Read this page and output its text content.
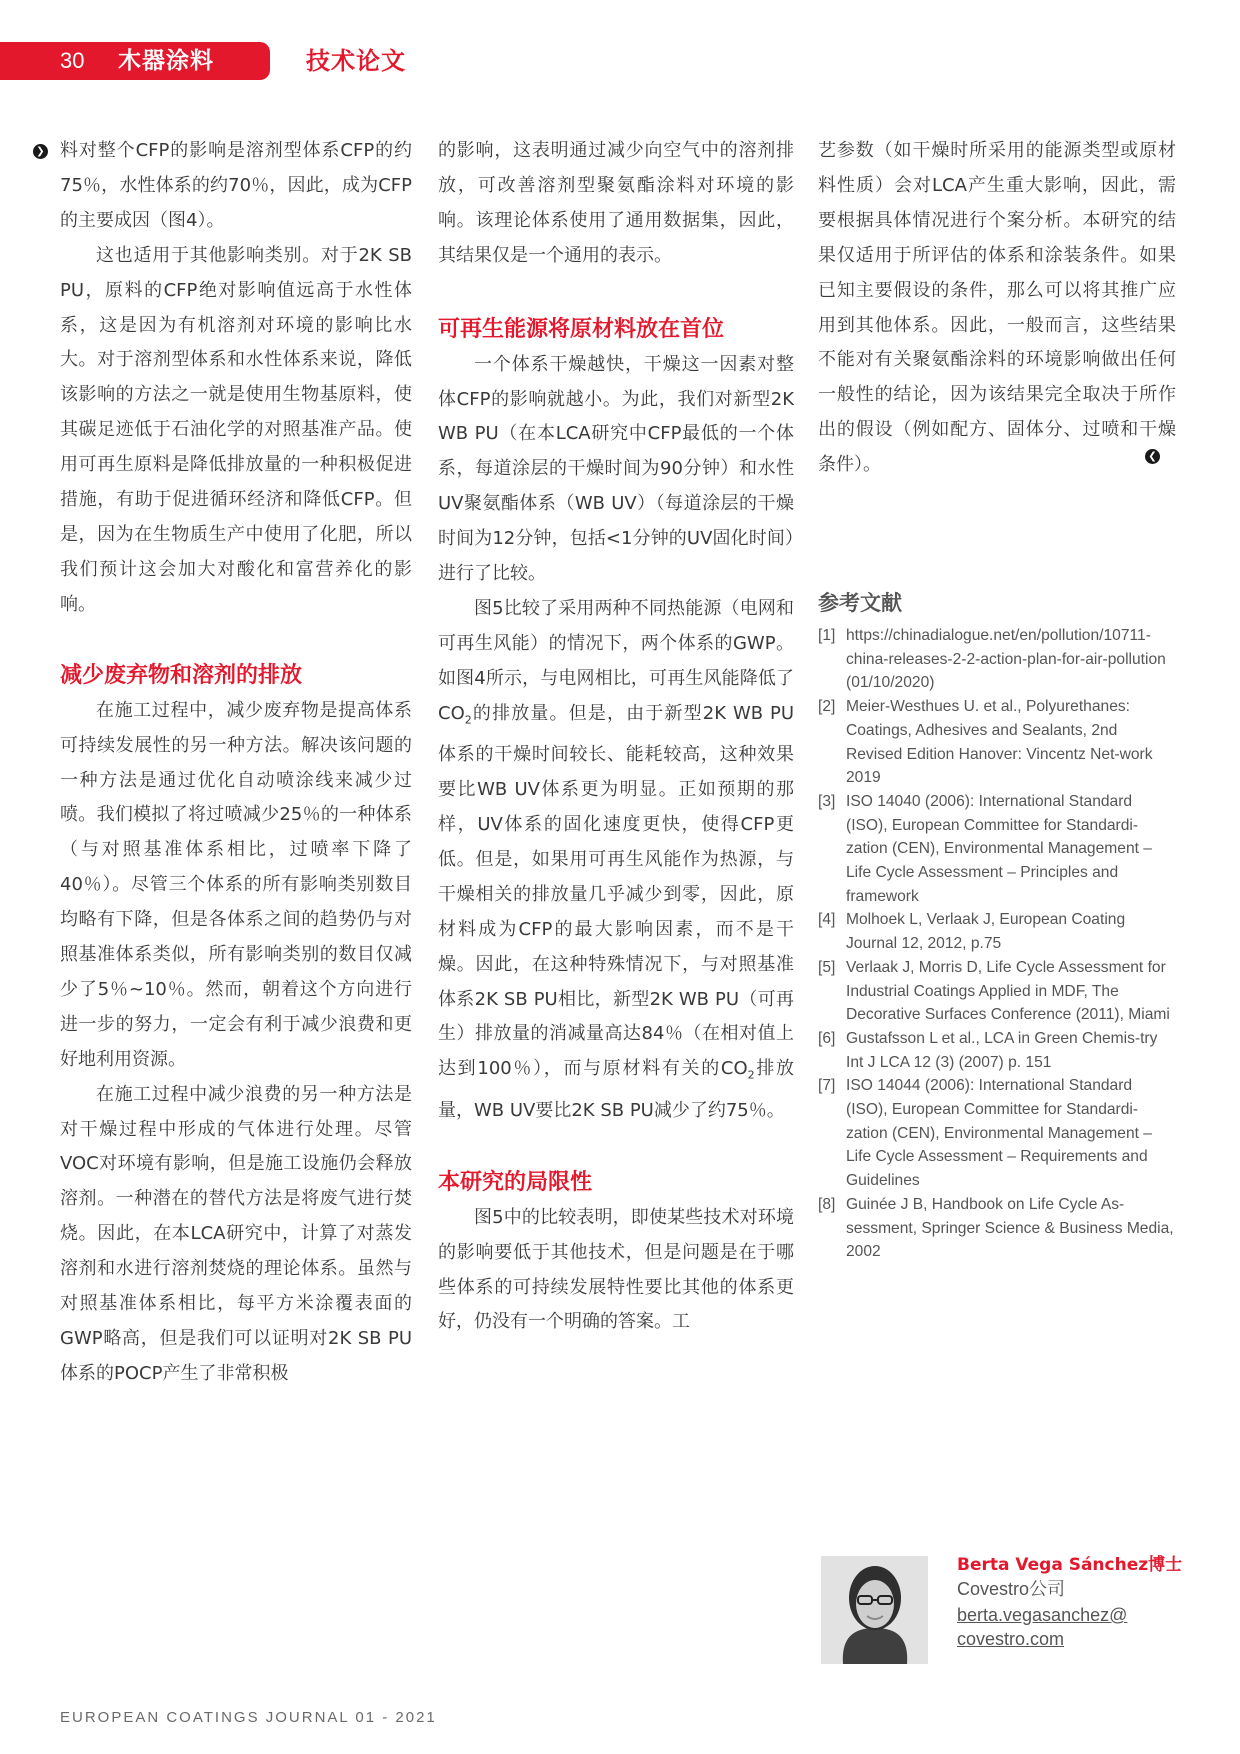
30 木器涂料	技术论文
❯ 料对整个CFP的影响是溶剂型体系CFP的约75％，水性体系的约70％，因此，成为CFP的主要成因（图4）。

这也适用于其他影响类别。对于2K SB PU，原料的CFP绝对影响值远高于水性体系，这是因为有机溶剂对环境的影响比水大。对于溶剂型体系和水性体系来说，降低该影响的方法之一就是使用生物基原料，使其碳足迹低于石油化学的对照基准产品。使用可再生原料是降低排放量的一种积极促进措施，有助于促进循环经济和降低CFP。但是，因为在生物质生产中使用了化肥，所以我们预计这会加大对酸化和富营养化的影响。

减少废弃物和溶剂的排放

在施工过程中，减少废弃物是提高体系可持续发展性的另一种方法。解决该问题的一种方法是通过优化自动喷涂线来减少过喷。我们模拟了将过喷减少25％的一种体系（与对照基准体系相比，过喷率下降了40％）。尽管三个体系的所有影响类别数目均略有下降，但是各体系之间的趋势仍与对照基准体系类似，所有影响类别的数目仅减少了5％~10％。然而，朝着这个方向进行进一步的努力，一定会有利于减少浪费和更好地利用资源。

在施工过程中减少浪费的另一种方法是对干燥过程中形成的气体进行处理。尽管VOC对环境有影响，但是施工设施仍会释放溶剂。一种潜在的替代方法是将废气进行焚烧。因此，在本LCA研究中，计算了对蒸发溶剂和水进行溶剂焚烧的理论体系。虽然与对照基准体系相比，每平方米涂覆表面的GWP略高，但是我们可以证明对2K SB PU体系的POCP产生了非常积极

的影响，这表明通过减少向空气中的溶剂排放，可改善溶剂型聚氨酯涂料对环境的影响。该理论体系使用了通用数据集，因此，其结果仅是一个通用的表示。

可再生能源将原材料放在首位

一个体系干燥越快，干燥这一因素对整体CFP的影响就越小。为此，我们对新型2K WB PU（在本LCA研究中CFP最低的一个体系，每道涂层的干燥时间为90分钟）和水性UV聚氨酯体系（WB UV）（每道涂层的干燥时间为12分钟，包括<1分钟的UV固化时间）进行了比较。

图5比较了采用两种不同热能源（电网和可再生风能）的情况下，两个体系的GWP。如图4所示，与电网相比，可再生风能降低了$CO_2$的排放量。但是，由于新型2K WB PU体系的干燥时间较长、能耗较高，这种效果要比WB UV体系更为明显。正如预期的那样，UV体系的固化速度更快，使得CFP更低。但是，如果用可再生风能作为热源，与干燥相关的排放量几乎减少到零，因此，原材料成为CFP的最大影响因素，而不是干燥。因此，在这种特殊情况下，与对照基准体系2K SB PU相比，新型2K WB PU（可再生）排放量的消减量高达84％（在相对值上达到100％），而与原材料有关的$CO_2$排放量，WB UV要比2K SB PU减少了约75％。

本研究的局限性

图5中的比较表明，即使某些技术对环境的影响要低于其他技术，但是问题是在于哪些体系的可持续发展特性要比其他的体系更好，仍没有一个明确的答案。工

艺参数（如干燥时所采用的能源类型或原材料性质）会对LCA产生重大影响，因此，需要根据具体情况进行个案分析。本研究的结果仅适用于所评估的体系和涂装条件。如果已知主要假设的条件，那么可以将其推广应用到其他体系。因此，一般而言，这些结果不能对有关聚氨酯涂料的环境影响做出任何一般性的结论，因为该结果完全取决于所作出的假设（例如配方、固体分、过喷和干燥条件）。	❮
参考文献
[1] https://chinadialogue.net/en/pollution/10711-china-releases-2-2-action-plan-for-air-pollution (01/10/2020)
[2] Meier-Westhues U. et al., Polyurethanes: Coatings, Adhesives and Sealants, 2nd Revised Edition Hanover: Vincentz Net-work 2019
[3] ISO 14040 (2006): International Standard (ISO), European Committee for Standardi-zation (CEN), Environmental Management – Life Cycle Assessment – Principles and framework
[4] Molhoek L, Verlaak J, European Coating Journal 12, 2012, p.75
[5] Verlaak J, Morris D, Life Cycle Assessment for Industrial Coatings Applied in MDF, The Decorative Surfaces Conference (2011), Miami
[6] Gustafsson L et al., LCA in Green Chemis-try Int J LCA 12 (3) (2007) p. 151
[7] ISO 14044 (2006): International Standard (ISO), European Committee for Standardi-zation (CEN), Environmental Management – Life Cycle Assessment – Requirements and Guidelines
[8] Guinée J B, Handbook on Life Cycle As-sessment, Springer Science & Business Media, 2002
Berta Vega Sánchez博士
Covestro公司
berta.vegasanchez@
covestro.com
EUROPEAN COATINGS JOURNAL 01 - 2021
